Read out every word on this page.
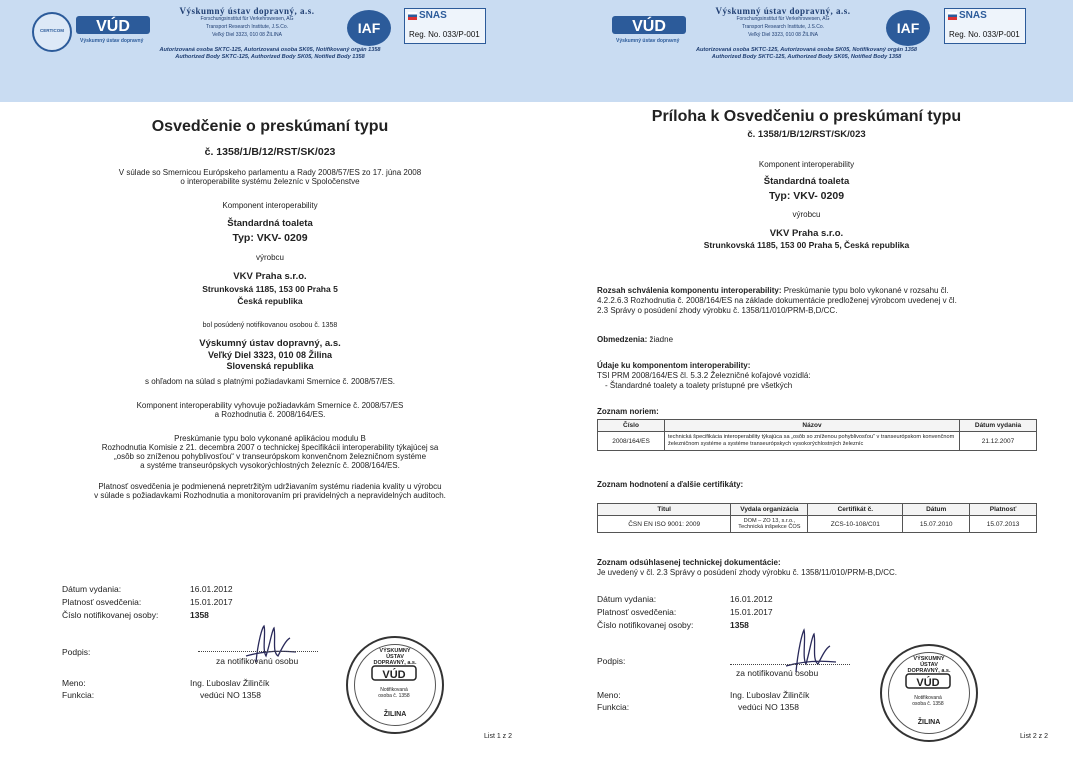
CERTICOM	VÚD
Výskumný ústav dopravný
Výskumný ústav dopravný, a.s.
Forschungsinstitut für Verkehrswesen, AG
Transport Research Institute, J.S.Co.
Veľký Diel 3323, 010 08 ŽILINA	IAF
SNAS
Reg. No. 033/P-001
Autorizovaná osoba SKTC-125, Autorizovaná osoba SK05, Notifikovaný orgán 1358
Authorized Body SKTC-125, Authorized Body SK05, Notified Body 1358
Osvedčenie o preskúmaní typu
č. 1358/1/B/12/RST/SK/023
V súlade so Smernicou Európskeho parlamentu a Rady 2008/57/ES zo 17. júna 2008
o interoperabilite systému železníc v Spoločenstve
Komponent interoperability
Štandardná toaleta
Typ: VKV- 0209
výrobcu
VKV Praha s.r.o.
Strunkovská 1185, 153 00 Praha 5
Česká republika
bol posúdený notifikovanou osobou č. 1358
Výskumný ústav dopravný, a.s.
Veľký Diel 3323, 010 08 Žilina
Slovenská republika
s ohľadom na súlad s platnými požiadavkami Smernice č. 2008/57/ES.
Komponent interoperability vyhovuje požiadavkám Smernice č. 2008/57/ES
a Rozhodnutia č. 2008/164/ES.
Preskúmanie typu bolo vykonané aplikáciou modulu B
Rozhodnutia Komisie z 21. decembra 2007 o technickej špecifikácii interoperability týkajúcej sa
„osôb so zníženou pohyblivosťou“ v transeurópskom konvenčnom železničnom systéme
a systéme transeurópskych vysokorýchlostných železníc č. 2008/164/ES.
Platnosť osvedčenia je podmienená nepretržitým udržiavaním systému riadenia kvality u výrobcu
v súlade s požiadavkami Rozhodnutia a monitorovaním pri pravidelných a nepravidelných auditoch.
Dátum vydania:	16.01.2012
Platnosť osvedčenia:	15.01.2017
Číslo notifikovanej osoby:	1358
Podpis:
za notifikovanú osobu
Meno:	Ing. Ľuboslav Žilinčík
Funkcia:	vedúci NO 1358
VÝSKUMNÝ ÚSTAV DOPRAVNÝ, a.s.
VÚD
Notifikovaná
osoba č. 1358
ŽILINA
List 1 z 2
VÚD
Výskumný ústav dopravný
Výskumný ústav dopravný, a.s.
Forschungsinstitut für Verkehrswesen, AG
Transport Research Institute, J.S.Co.
Veľký Diel 3323, 010 08 ŽILINA	IAF
SNAS
Reg. No. 033/P-001
Autorizovaná osoba SKTC-125, Autorizovaná osoba SK05, Notifikovaný orgán 1358
Authorized Body SKTC-125, Authorized Body SK05, Notified Body 1358
Príloha k Osvedčeniu o preskúmaní typu
č. 1358/1/B/12/RST/SK/023
Komponent interoperability
Štandardná toaleta
Typ: VKV- 0209
výrobcu
VKV Praha s.r.o.
Strunkovská 1185, 153 00 Praha 5, Česká republika
Rozsah schválenia komponentu interoperability: Preskúmanie typu bolo vykonané v rozsahu čl.
4.2.2.6.3 Rozhodnutia č. 2008/164/ES na základe dokumentácie predloženej výrobcom uvedenej v čl.
2.3 Správy o posúdení zhody výrobku č. 1358/11/010/PRM-B,D/CC.
Obmedzenia: žiadne
Údaje ku komponentom interoperability:
TSI PRM 2008/164/ES čl. 5.3.2 Železničné koľajové vozidlá:
- Štandardné toalety a toalety prístupné pre všetkých
Zoznam noriem:
Číslo	Názov	Dátum vydania
2008/164/ES	technická špecifikácia interoperability týkajúca sa „osôb so zníženou pohyblivosťou“ v transeurópskom konvenčnom železničnom systéme a systéme transeurópskych vysokorýchlostných železníc	21.12.2007
Zoznam hodnotení a ďalšie certifikáty:
Titul	Vydala organizácia	Certifikát č.	Dátum	Platnosť
ČSN EN ISO 9001: 2009	DOM – ZO 13, s.r.o., Technická inšpekce ČOS	ZCS-10-108/C01	15.07.2010	15.07.2013
Zoznam odsúhlasenej technickej dokumentácie:
Je uvedený v čl. 2.3 Správy o posúdení zhody výrobku č. 1358/11/010/PRM-B,D/CC.
Dátum vydania:	16.01.2012
Platnosť osvedčenia:	15.01.2017
Číslo notifikovanej osoby:	1358
Podpis:
za notifikovanú osobu
Meno:	Ing. Ľuboslav Žilinčík
Funkcia:	vedúci NO 1358
VÝSKUMNÝ ÚSTAV DOPRAVNÝ, a.s.
VÚD
Notifikovaná
osoba č. 1358
ŽILINA
List 2 z 2
